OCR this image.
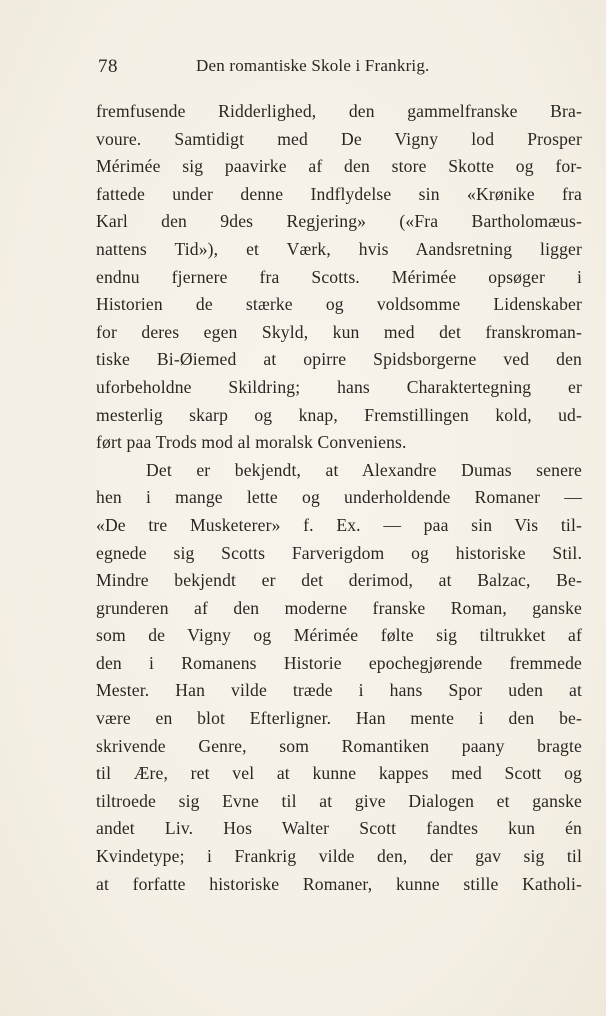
78	Den romantiske Skole i Frankrig.
fremfusende Ridderlighed, den gammelfranske Bra-
voure. Samtidigt med De Vigny lod Prosper
Mérimée sig paavirke af den store Skotte og for-
fattede under denne Indflydelse sin «Krønike fra
Karl den 9des Regjering» («Fra Bartholomæus-
nattens Tid»), et Værk, hvis Aandsretning ligger
endnu fjernere fra Scotts. Mérimée opsøger i
Historien de stærke og voldsomme Lidenskaber
for deres egen Skyld, kun med det franskroman-
tiske Bi-Øiemed at opirre Spidsborgerne ved den
uforbeholdne Skildring; hans Charaktertegning er
mesterlig skarp og knap, Fremstillingen kold, ud-
ført paa Trods mod al moralsk Conveniens.
Det er bekjendt, at Alexandre Dumas senere
hen i mange lette og underholdende Romaner —
«De tre Musketerer» f. Ex. — paa sin Vis til-
egnede sig Scotts Farverigdom og historiske Stil.
Mindre bekjendt er det derimod, at Balzac, Be-
grunderen af den moderne franske Roman, ganske
som de Vigny og Mérimée følte sig tiltrukket af
den i Romanens Historie epochegjørende fremmede
Mester. Han vilde træde i hans Spor uden at
være en blot Efterligner. Han mente i den be-
skrivende Genre, som Romantiken paany bragte
til Ære, ret vel at kunne kappes med Scott og
tiltroede sig Evne til at give Dialogen et ganske
andet Liv. Hos Walter Scott fandtes kun én
Kvindetype; i Frankrig vilde den, der gav sig til
at forfatte historiske Romaner, kunne stille Katholi-
